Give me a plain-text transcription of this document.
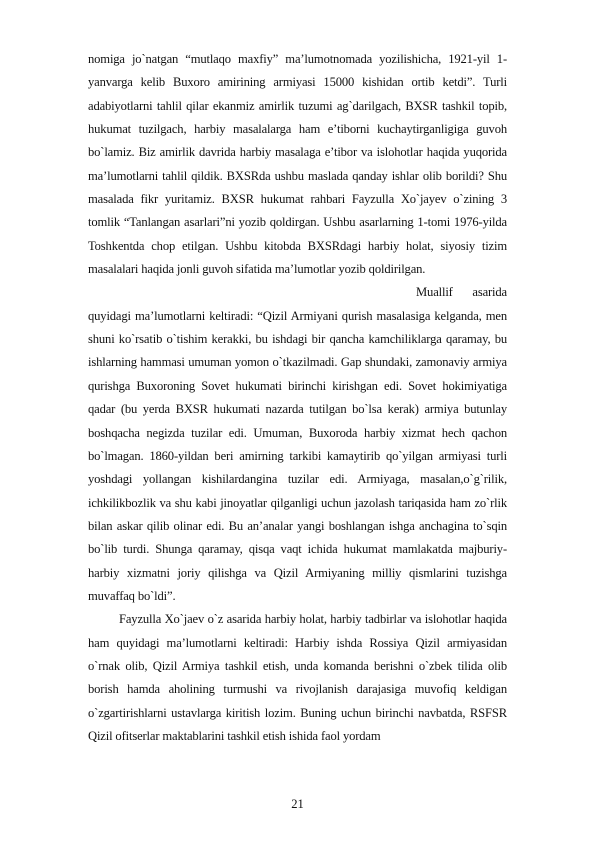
nomiga jo`natgan “mutlaqo maxfiy” ma’lumotnomada yozilishicha, 1921-yil 1-yanvarga kelib Buxoro amirining armiyasi 15000 kishidan ortib ketdi”. Turli adabiyotlarni tahlil qilar ekanmiz amirlik tuzumi ag`darilgach, BXSR tashkil topib, hukumat tuzilgach, harbiy masalalarga ham e’tiborni kuchaytirganligiga guvoh bo`lamiz. Biz amirlik davrida harbiy masalaga e’tibor va islohotlar haqida yuqorida ma’lumotlarni tahlil qildik. BXSRda ushbu maslada qanday ishlar olib borildi? Shu masalada fikr yuritamiz. BXSR hukumat rahbari Fayzulla Xo`jayev o`zining 3 tomlik “Tanlangan asarlari”ni yozib qoldirgan. Ushbu asarlarning 1-tomi 1976-yilda Toshkentda chop etilgan. Ushbu kitobda BXSRdagi harbiy holat, siyosiy tizim masalalari haqida jonli guvoh sifatida ma’lumotlar yozib qoldirilgan.

Muallif asarida quyidagi ma’lumotlarni keltiradi: “Qizil Armiyani qurish masalasiga kelganda, men shuni ko`rsatib o`tishim kerakki, bu ishdagi bir qancha kamchiliklarga qaramay, bu ishlarning hammasi umuman yomon o`tkazilmadi. Gap shundaki, zamonaviy armiya qurishga Buxoroning Sovet hukumati birinchi kirishgan edi. Sovet hokimiyatiga qadar (bu yerda BXSR hukumati nazarda tutilgan bo`lsa kerak) armiya butunlay boshqacha negizda tuzilar edi. Umuman, Buxoroda harbiy xizmat hech qachon bo`lmagan. 1860-yildan beri amirning tarkibi kamaytirib qo`yilgan armiyasi turli yoshdagi yollangan kishilardangina tuzilar edi. Armiyaga, masalan,o`g`rilik, ichkilikbozlik va shu kabi jinoyatlar qilganligi uchun jazolash tariqasida ham zo`rlik bilan askar qilib olinar edi. Bu an’analar yangi boshlangan ishga anchagina to`sqin bo`lib turdi. Shunga qaramay, qisqa vaqt ichida hukumat mamlakatda majburiy-harbiy xizmatni joriy qilishga va Qizil Armiyaning milliy qismlarini tuzishga muvaffaq bo`ldi”.

Fayzulla Xo`jaev o`z asarida harbiy holat, harbiy tadbirlar va islohotlar haqida ham quyidagi ma’lumotlarni keltiradi: Harbiy ishda Rossiya Qizil armiyasidan o`rnak olib, Qizil Armiya tashkil etish, unda komanda berishni o`zbek tilida olib borish hamda aholining turmushi va rivojlanish darajasiga muvofiq keldigan o`zgartirishlarni ustavlarga kiritish lozim. Buning uchun birinchi navbatda, RSFSR Qizil ofitserlar maktablarini tashkil etish ishida faol yordam

21
